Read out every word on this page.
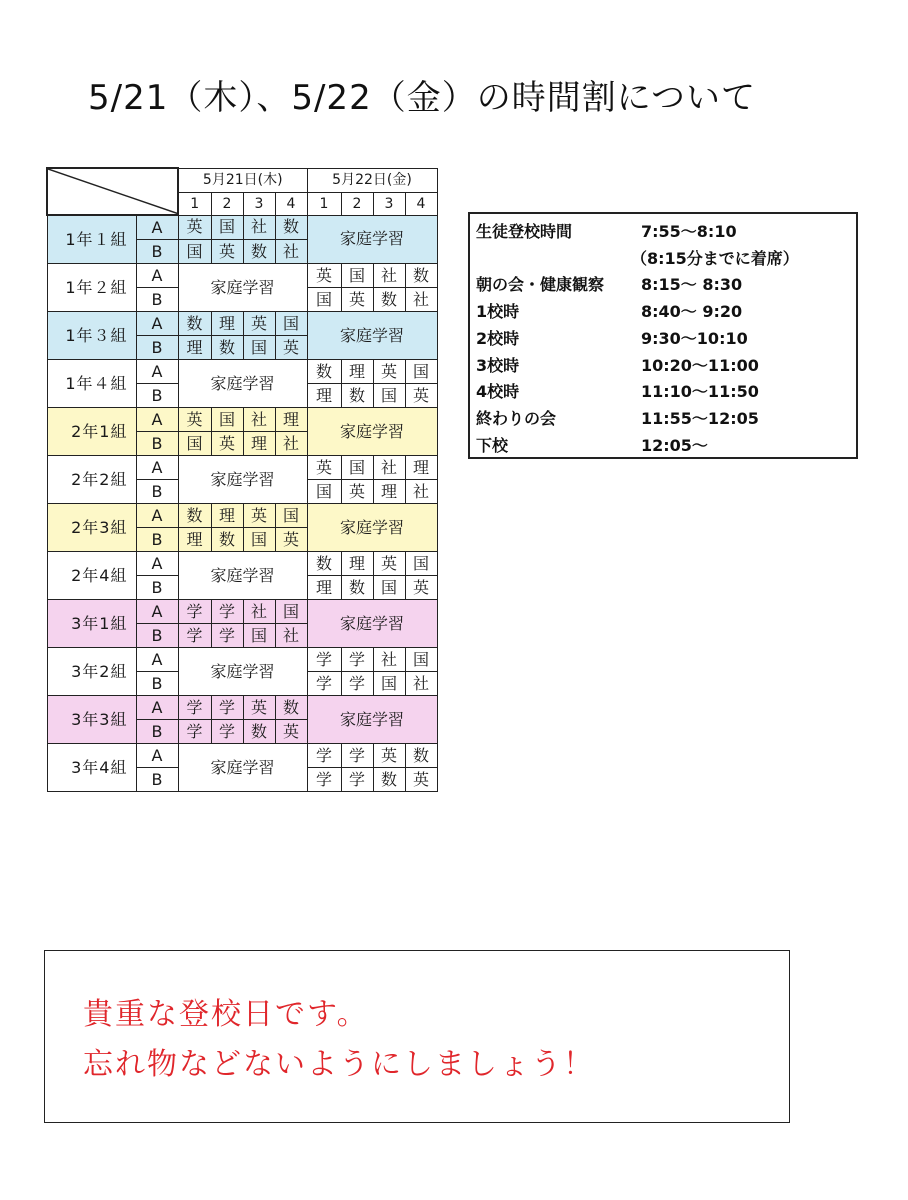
5/21（木）、5/22（金）の時間割について
	5月21日(木)				5月22日(金)			
		1	2	3	4	1	2	3	4
1年１組	A	英	国	社	数	家庭学習			
	B	国	英	数	社				
1年２組	A	家庭学習				英	国	社	数
	B					国	英	数	社
1年３組	A	数	理	英	国	家庭学習			
	B	理	数	国	英				
1年４組	A	家庭学習				数	理	英	国
	B					理	数	国	英
2年1組	A	英	国	社	理	家庭学習			
	B	国	英	理	社				
2年2組	A	家庭学習				英	国	社	理
	B					国	英	理	社
2年3組	A	数	理	英	国	家庭学習			
	B	理	数	国	英				
2年4組	A	家庭学習				数	理	英	国
	B					理	数	国	英
3年1組	A	学	学	社	国	家庭学習			
	B	学	学	国	社				
3年2組	A	家庭学習				学	学	社	国
	B					学	学	国	社
3年3組	A	学	学	英	数	家庭学習			
	B	学	学	数	英				
3年4組	A	家庭学習				学	学	英	数
	B					学	学	数	英
生徒登校時間	7:55～8:10
（8:15分までに着席）
朝の会・健康観察 8:15～ 8:30
1校時	8:40～ 9:20
2校時	9:30～10:10
3校時	10:20～11:00
4校時	11:10～11:50
終わりの会	11:55～12:05
下校	12:05～
貴重な登校日です。
忘れ物などないようにしましょう！
